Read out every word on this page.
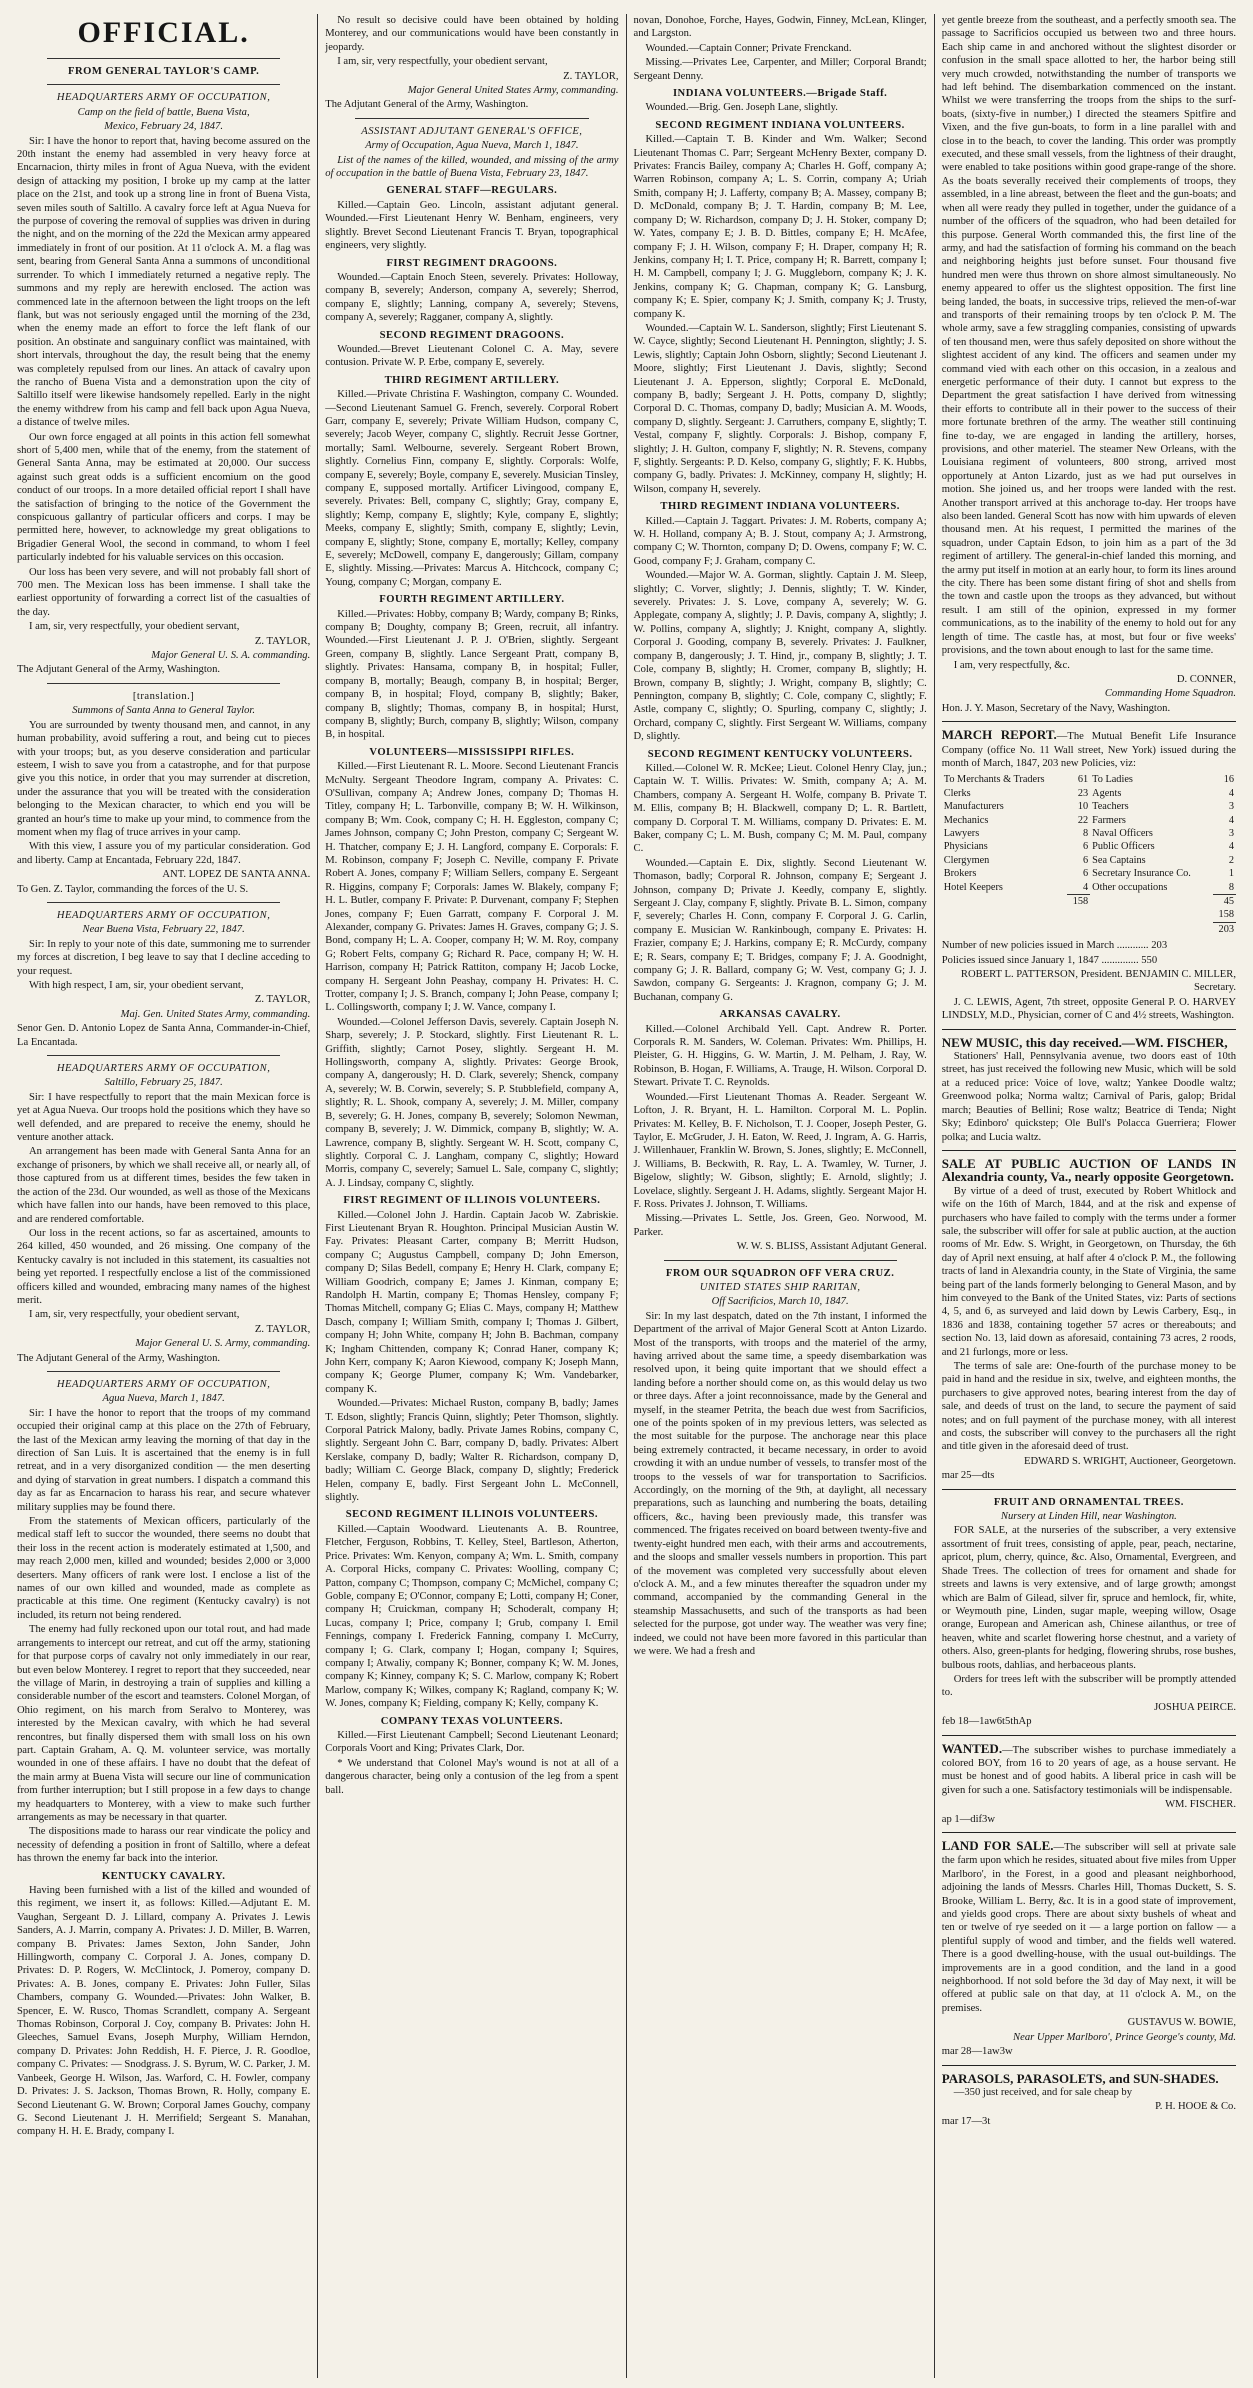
OFFICIAL.

FROM GENERAL TAYLOR'S CAMP.

HEADQUARTERS ARMY OF OCCUPATION,

Camp on the field of battle, Buena Vista,

Mexico, February 24, 1847.

Sir: I have the honor to report that, having become assured on the 20th instant the enemy had assembled in very heavy force at Encarnacion, thirty miles in front of Agua Nueva, with the evident design of attacking my position, I broke up my camp at the latter place on the 21st, and took up a strong line in front of Buena Vista, seven miles south of Saltillo. A cavalry force left at Agua Nueva for the purpose of covering the removal of supplies was driven in during the night, and on the morning of the 22d the Mexican army appeared immediately in front of our position. At 11 o'clock A. M. a flag was sent, bearing from General Santa Anna a summons of unconditional surrender. To which I immediately returned a negative reply. The summons and my reply are herewith enclosed. The action was commenced late in the afternoon between the light troops on the left flank, but was not seriously engaged until the morning of the 23d, when the enemy made an effort to force the left flank of our position. An obstinate and sanguinary conflict was maintained, with short intervals, throughout the day, the result being that the enemy was completely repulsed from our lines. An attack of cavalry upon the rancho of Buena Vista and a demonstration upon the city of Saltillo itself were likewise handsomely repelled. Early in the night the enemy withdrew from his camp and fell back upon Agua Nueva, a distance of twelve miles.

Our own force engaged at all points in this action fell somewhat short of 5,400 men, while that of the enemy, from the statement of General Santa Anna, may be estimated at 20,000. Our success against such great odds is a sufficient encomium on the good conduct of our troops. In a more detailed official report I shall have the satisfaction of bringing to the notice of the Government the conspicuous gallantry of particular officers and corps. I may be permitted here, however, to acknowledge my great obligations to Brigadier General Wool, the second in command, to whom I feel particularly indebted for his valuable services on this occasion.

Our loss has been very severe, and will not probably fall short of 700 men. The Mexican loss has been immense. I shall take the earliest opportunity of forwarding a correct list of the casualties of the day.

I am, sir, very respectfully, your obedient servant,

Z. TAYLOR,

Major General U. S. A. commanding.

The Adjutant General of the Army, Washington.

[translation.]

Summons of Santa Anna to General Taylor.

You are surrounded by twenty thousand men, and cannot, in any human probability, avoid suffering a rout, and being cut to pieces with your troops; but, as you deserve consideration and particular esteem, I wish to save you from a catastrophe, and for that purpose give you this notice, in order that you may surrender at discretion, under the assurance that you will be treated with the consideration belonging to the Mexican character, to which end you will be granted an hour's time to make up your mind, to commence from the moment when my flag of truce arrives in your camp.

With this view, I assure you of my particular consideration. God and liberty. Camp at Encantada, February 22d, 1847.

ANT. LOPEZ DE SANTA ANNA.

To Gen. Z. Taylor, commanding the forces of the U. S.

HEADQUARTERS ARMY OF OCCUPATION,

Near Buena Vista, February 22, 1847.

Sir: In reply to your note of this date, summoning me to surrender my forces at discretion, I beg leave to say that I decline acceding to your request.

With high respect, I am, sir, your obedient servant,

Z. TAYLOR,

Maj. Gen. United States Army, commanding.

Senor Gen. D. Antonio Lopez de Santa Anna, Commander-in-Chief, La Encantada.

HEADQUARTERS ARMY OF OCCUPATION,

Saltillo, February 25, 1847.

Sir: I have respectfully to report that the main Mexican force is yet at Agua Nueva. Our troops hold the positions which they have so well defended, and are prepared to receive the enemy, should he venture another attack.

An arrangement has been made with General Santa Anna for an exchange of prisoners, by which we shall receive all, or nearly all, of those captured from us at different times, besides the few taken in the action of the 23d. Our wounded, as well as those of the Mexicans which have fallen into our hands, have been removed to this place, and are rendered comfortable.

Our loss in the recent actions, so far as ascertained, amounts to 264 killed, 450 wounded, and 26 missing. One company of the Kentucky cavalry is not included in this statement, its casualties not being yet reported. I respectfully enclose a list of the commissioned officers killed and wounded, embracing many names of the highest merit.

I am, sir, very respectfully, your obedient servant,

Z. TAYLOR,

Major General U. S. Army, commanding.

The Adjutant General of the Army, Washington.

HEADQUARTERS ARMY OF OCCUPATION,

Agua Nueva, March 1, 1847.

Sir: I have the honor to report that the troops of my command occupied their original camp at this place on the 27th of February, the last of the Mexican army leaving the morning of that day in the direction of San Luis. It is ascertained that the enemy is in full retreat, and in a very disorganized condition — the men deserting and dying of starvation in great numbers. I dispatch a command this day as far as Encarnacion to harass his rear, and secure whatever military supplies may be found there.

From the statements of Mexican officers, particularly of the medical staff left to succor the wounded, there seems no doubt that their loss in the recent action is moderately estimated at 1,500, and may reach 2,000 men, killed and wounded; besides 2,000 or 3,000 deserters. Many officers of rank were lost. I enclose a list of the names of our own killed and wounded, made as complete as practicable at this time. One regiment (Kentucky cavalry) is not included, its return not being rendered.

The enemy had fully reckoned upon our total rout, and had made arrangements to intercept our retreat, and cut off the army, stationing for that purpose corps of cavalry not only immediately in our rear, but even below Monterey. I regret to report that they succeeded, near the village of Marin, in destroying a train of supplies and killing a considerable number of the escort and teamsters. Colonel Morgan, of Ohio regiment, on his march from Seralvo to Monterey, was interested by the Mexican cavalry, with which he had several rencontres, but finally dispersed them with small loss on his own part. Captain Graham, A. Q. M. volunteer service, was mortally wounded in one of these affairs. I have no doubt that the defeat of the main army at Buena Vista will secure our line of communication from further interruption; but I still propose in a few days to change my headquarters to Monterey, with a view to make such further arrangements as may be necessary in that quarter.

The dispositions made to harass our rear vindicate the policy and necessity of defending a position in front of Saltillo, where a defeat has thrown the enemy far back into the interior.

KENTUCKY CAVALRY.

Having been furnished with a list of the killed and wounded of this regiment, we insert it, as follows: Killed.—Adjutant E. M. Vaughan, Sergeant D. J. Lillard, company A. Privates J. Lewis Sanders, A. J. Marrin, company A. Privates: J. D. Miller, B. Warren, company B. Privates: James Sexton, John Sander, John Hillingworth, company C. Corporal J. A. Jones, company D. Privates: D. P. Rogers, W. McClintock, J. Pomeroy, company D. Privates: A. B. Jones, company E. Privates: John Fuller, Silas Chambers, company G. Wounded.—Privates: John Walker, B. Spencer, E. W. Rusco, Thomas Scrandlett, company A. Sergeant Thomas Robinson, Corporal J. Coy, company B. Privates: John H. Gleeches, Samuel Evans, Joseph Murphy, William Herndon, company D. Privates: John Reddish, H. F. Pierce, J. R. Goodloe, company C. Privates: — Snodgrass. J. S. Byrum, W. C. Parker, J. M. Vanbeek, George H. Wilson, Jas. Warford, C. H. Fowler, company D. Privates: J. S. Jackson, Thomas Brown, R. Holly, company E. Second Lieutenant G. W. Brown; Corporal James Gouchy, company G. Second Lieutenant J. H. Merrifield; Sergeant S. Manahan, company H. H. E. Brady, company I.

No result so decisive could have been obtained by holding Monterey, and our communications would have been constantly in jeopardy.

I am, sir, very respectfully, your obedient servant,

Z. TAYLOR,

Major General United States Army, commanding.

The Adjutant General of the Army, Washington.

ASSISTANT ADJUTANT GENERAL'S OFFICE,

Army of Occupation, Agua Nueva, March 1, 1847.

List of the names of the killed, wounded, and missing of the army of occupation in the battle of Buena Vista, February 23, 1847.

GENERAL STAFF—REGULARS.

Killed.—Captain Geo. Lincoln, assistant adjutant general. Wounded.—First Lieutenant Henry W. Benham, engineers, very slightly. Brevet Second Lieutenant Francis T. Bryan, topographical engineers, very slightly.

FIRST REGIMENT DRAGOONS.

Wounded.—Captain Enoch Steen, severely. Privates: Holloway, company B, severely; Anderson, company A, severely; Sherrod, company E, slightly; Lanning, company A, severely; Stevens, company A, severely; Ragganer, company A, slightly.

SECOND REGIMENT DRAGOONS.

Wounded.—Brevet Lieutenant Colonel C. A. May, severe contusion. Private W. P. Erbe, company E, severely.

THIRD REGIMENT ARTILLERY.

Killed.—Private Christina F. Washington, company C. Wounded.—Second Lieutenant Samuel G. French, severely. Corporal Robert Garr, company E, severely; Private William Hudson, company C, severely; Jacob Weyer, company C, slightly. Recruit Jesse Gortner, mortally; Saml. Welbourne, severely. Sergeant Robert Brown, slightly. Cornelius Finn, company E, slightly. Corporals: Wolfe, company E, severely; Boyle, company E, severely. Musician Tinsley, company E, supposed mortally. Artificer Livingood, company E, severely. Privates: Bell, company C, slightly; Gray, company E, slightly; Kemp, company E, slightly; Kyle, company E, slightly; Meeks, company E, slightly; Smith, company E, slightly; Levin, company E, slightly; Stone, company E, mortally; Kelley, company E, severely; McDowell, company E, dangerously; Gillam, company E, slightly. Missing.—Privates: Marcus A. Hitchcock, company C; Young, company C; Morgan, company E.

FOURTH REGIMENT ARTILLERY.

Killed.—Privates: Hobby, company B; Wardy, company B; Rinks, company B; Doughty, company B; Green, recruit, all infantry. Wounded.—First Lieutenant J. P. J. O'Brien, slightly. Sergeant Green, company B, slightly. Lance Sergeant Pratt, company B, slightly. Privates: Hansama, company B, in hospital; Fuller, company B, mortally; Beaugh, company B, in hospital; Berger, company B, in hospital; Floyd, company B, slightly; Baker, company B, slightly; Thomas, company B, in hospital; Hurst, company B, slightly; Burch, company B, slightly; Wilson, company B, in hospital.

VOLUNTEERS—MISSISSIPPI RIFLES.

Killed.—First Lieutenant R. L. Moore. Second Lieutenant Francis McNulty. Sergeant Theodore Ingram, company A. Privates: C. O'Sullivan, company A; Andrew Jones, company D; Thomas H. Titley, company H; L. Tarbonville, company B; W. H. Wilkinson, company B; Wm. Cook, company C; H. H. Eggleston, company C; James Johnson, company C; John Preston, company C; Sergeant W. H. Thatcher, company E; J. H. Langford, company E. Corporals: F. M. Robinson, company F; Joseph C. Neville, company F. Private Robert A. Jones, company F; William Sellers, company E. Sergeant R. Higgins, company F; Corporals: James W. Blakely, company F; H. L. Butler, company F. Private: P. Durvenant, company F; Stephen Jones, company F; Euen Garratt, company F. Corporal J. M. Alexander, company G. Privates: James H. Graves, company G; J. S. Bond, company H; L. A. Cooper, company H; W. M. Roy, company G; Robert Felts, company G; Richard R. Pace, company H; W. H. Harrison, company H; Patrick Rattiton, company H; Jacob Locke, company H. Sergeant John Peashay, company H. Privates: H. C. Trotter, company I; J. S. Branch, company I; John Pease, company I; L. Collingsworth, company I; J. W. Vance, company I.

Wounded.—Colonel Jefferson Davis, severely. Captain Joseph N. Sharp, severely; J. P. Stockard, slightly. First Lieutenant R. L. Griffith, slightly; Carnot Posey, slightly. Sergeant H. M. Hollingsworth, company A, slightly. Privates: George Brook, company A, dangerously; H. D. Clark, severely; Shenck, company A, severely; W. B. Corwin, severely; S. P. Stubblefield, company A, slightly; R. L. Shook, company A, severely; J. M. Miller, company B, severely; G. H. Jones, company B, severely; Solomon Newman, company B, severely; J. W. Dimmick, company B, slightly; W. A. Lawrence, company B, slightly. Sergeant W. H. Scott, company C, slightly. Corporal C. J. Langham, company C, slightly; Howard Morris, company C, severely; Samuel L. Sale, company C, slightly; A. J. Lindsay, company C, slightly.

FIRST REGIMENT OF ILLINOIS VOLUNTEERS.

Killed.—Colonel John J. Hardin. Captain Jacob W. Zabriskie. First Lieutenant Bryan R. Houghton. Principal Musician Austin W. Fay. Privates: Pleasant Carter, company B; Merritt Hudson, company C; Augustus Campbell, company D; John Emerson, company D; Silas Bedell, company E; Henry H. Clark, company E; William Goodrich, company E; James J. Kinman, company E; Randolph H. Martin, company E; Thomas Hensley, company F; Thomas Mitchell, company G; Elias C. Mays, company H; Matthew Dasch, company I; William Smith, company I; Thomas J. Gilbert, company H; John White, company H; John B. Bachman, company K; Ingham Chittenden, company K; Conrad Haner, company K; John Kerr, company K; Aaron Kiewood, company K; Joseph Mann, company K; George Plumer, company K; Wm. Vandebarker, company K.

Wounded.—Privates: Michael Ruston, company B, badly; James T. Edson, slightly; Francis Quinn, slightly; Peter Thomson, slightly. Corporal Patrick Malony, badly. Private James Robins, company C, slightly. Sergeant John C. Barr, company D, badly. Privates: Albert Kerslake, company D, badly; Walter R. Richardson, company D, badly; William C. George Black, company D, slightly; Frederick Helen, company E, badly. First Sergeant John L. McConnell, slightly.

SECOND REGIMENT ILLINOIS VOLUNTEERS.

Killed.—Captain Woodward. Lieutenants A. B. Rountree, Fletcher, Ferguson, Robbins, T. Kelley, Steel, Bartleson, Atherton, Price. Privates: Wm. Kenyon, company A; Wm. L. Smith, company A. Corporal Hicks, company C. Privates: Woolling, company C; Patton, company C; Thompson, company C; McMichel, company C; Goble, company E; O'Connor, company E; Lotti, company H; Coner, company H; Cruickman, company H; Schoderalt, company H; Lucas, company I; Price, company I; Grub, company I. Emil Fennings, company I. Frederick Fanning, company I. McCurry, company I; G. Clark, company I; Hogan, company I; Squires, company I; Atwaliy, company K; Bonner, company K; W. M. Jones, company K; Kinney, company K; S. C. Marlow, company K; Robert Marlow, company K; Wilkes, company K; Ragland, company K; W. W. Jones, company K; Fielding, company K; Kelly, company K.

COMPANY TEXAS VOLUNTEERS.

Killed.—First Lieutenant Campbell; Second Lieutenant Leonard; Corporals Voort and King; Privates Clark, Dor.

* We understand that Colonel May's wound is not at all of a dangerous character, being only a contusion of the leg from a spent ball.

novan, Donohoe, Forche, Hayes, Godwin, Finney, McLean, Klinger, and Largston.

Wounded.—Captain Conner; Private Frenckand.

Missing.—Privates Lee, Carpenter, and Miller; Corporal Brandt; Sergeant Denny.

INDIANA VOLUNTEERS.—Brigade Staff.

Wounded.—Brig. Gen. Joseph Lane, slightly.

SECOND REGIMENT INDIANA VOLUNTEERS.

Killed.—Captain T. B. Kinder and Wm. Walker; Second Lieutenant Thomas C. Parr; Sergeant McHenry Bexter, company D. Privates: Francis Bailey, company A; Charles H. Goff, company A; Warren Robinson, company A; L. S. Corrin, company A; Uriah Smith, company H; J. Lafferty, company B; A. Massey, company B; D. McDonald, company B; J. T. Hardin, company B; M. Lee, company D; W. Richardson, company D; J. H. Stoker, company D; W. Yates, company E; J. B. D. Bittles, company E; H. McAfee, company F; J. H. Wilson, company F; H. Draper, company H; R. Jenkins, company H; I. T. Price, company H; R. Barrett, company I; H. M. Campbell, company I; J. G. Muggleborn, company K; J. K. Jenkins, company K; G. Chapman, company K; G. Lansburg, company K; E. Spier, company K; J. Smith, company K; J. Trusty, company K.

Wounded.—Captain W. L. Sanderson, slightly; First Lieutenant S. W. Cayce, slightly; Second Lieutenant H. Pennington, slightly; J. S. Lewis, slightly; Captain John Osborn, slightly; Second Lieutenant J. Moore, slightly; First Lieutenant J. Davis, slightly; Second Lieutenant J. A. Epperson, slightly; Corporal E. McDonald, company B, badly; Sergeant J. H. Potts, company D, slightly; Corporal D. C. Thomas, company D, badly; Musician A. M. Woods, company D, slightly. Sergeant: J. Carruthers, company E, slightly; T. Vestal, company F, slightly. Corporals: J. Bishop, company F, slightly; J. H. Gulton, company F, slightly; N. R. Stevens, company F, slightly. Sergeants: P. D. Kelso, company G, slightly; F. K. Hubbs, company G, badly. Privates: J. McKinney, company H, slightly; H. Wilson, company H, severely.

THIRD REGIMENT INDIANA VOLUNTEERS.

Killed.—Captain J. Taggart. Privates: J. M. Roberts, company A; W. H. Holland, company A; B. J. Stout, company A; J. Armstrong, company C; W. Thornton, company D; D. Owens, company F; W. C. Good, company F; J. Graham, company C.

Wounded.—Major W. A. Gorman, slightly. Captain J. M. Sleep, slightly; C. Vorver, slightly; J. Dennis, slightly; T. W. Kinder, severely. Privates: J. S. Love, company A, severely; W. G. Applegate, company A, slightly; J. P. Davis, company A, slightly; J. W. Pollins, company A, slightly; J. Knight, company A, slightly. Corporal J. Gooding, company B, severely. Privates: J. Faulkner, company B, dangerously; J. T. Hind, jr., company B, slightly; J. T. Cole, company B, slightly; H. Cromer, company B, slightly; H. Brown, company B, slightly; J. Wright, company B, slightly; C. Pennington, company B, slightly; C. Cole, company C, slightly; F. Astle, company C, slightly; O. Spurling, company C, slightly; J. Orchard, company C, slightly. First Sergeant W. Williams, company D, slightly.

SECOND REGIMENT KENTUCKY VOLUNTEERS.

Killed.—Colonel W. R. McKee; Lieut. Colonel Henry Clay, jun.; Captain W. T. Willis. Privates: W. Smith, company A; A. M. Chambers, company A. Sergeant H. Wolfe, company B. Private T. M. Ellis, company B; H. Blackwell, company D; L. R. Bartlett, company D. Corporal T. M. Williams, company D. Privates: E. M. Baker, company C; L. M. Bush, company C; M. M. Paul, company C.

Wounded.—Captain E. Dix, slightly. Second Lieutenant W. Thomason, badly; Corporal R. Johnson, company E; Sergeant J. Johnson, company D; Private J. Keedly, company E, slightly. Sergeant J. Clay, company F, slightly. Private B. L. Simon, company F, severely; Charles H. Conn, company F. Corporal J. G. Carlin, company E. Musician W. Rankinbough, company E. Privates: H. Frazier, company E; J. Harkins, company E; R. McCurdy, company E; R. Sears, company E; T. Bridges, company F; J. A. Goodnight, company G; J. R. Ballard, company G; W. Vest, company G; J. J. Sawdon, company G. Sergeants: J. Kragnon, company G; J. M. Buchanan, company G.

ARKANSAS CAVALRY.

Killed.—Colonel Archibald Yell. Capt. Andrew R. Porter. Corporals R. M. Sanders, W. Coleman. Privates: Wm. Phillips, H. Pleister, G. H. Higgins, G. W. Martin, J. M. Pelham, J. Ray, W. Robinson, B. Hogan, F. Williams, A. Trauge, H. Wilson. Corporal D. Stewart. Private T. C. Reynolds.

Wounded.—First Lieutenant Thomas A. Reader. Sergeant W. Lofton, J. R. Bryant, H. L. Hamilton. Corporal M. L. Poplin. Privates: M. Kelley, B. F. Nicholson, T. J. Cooper, Joseph Pester, G. Taylor, E. McGruder, J. H. Eaton, W. Reed, J. Ingram, A. G. Harris, J. Willenhauer, Franklin W. Brown, S. Jones, slightly; E. McConnell, J. Williams, B. Beckwith, R. Ray, L. A. Twamley, W. Turner, J. Bigelow, slightly; W. Gibson, slightly; E. Arnold, slightly; J. Lovelace, slightly. Sergeant J. H. Adams, slightly. Sergeant Major H. F. Ross. Privates J. Johnson, T. Williams.

Missing.—Privates L. Settle, Jos. Green, Geo. Norwood, M. Parker.

W. W. S. BLISS, Assistant Adjutant General.

FROM OUR SQUADRON OFF VERA CRUZ.

UNITED STATES SHIP RARITAN,

Off Sacrificios, March 10, 1847.

Sir: In my last despatch, dated on the 7th instant, I informed the Department of the arrival of Major General Scott at Anton Lizardo. Most of the transports, with troops and the materiel of the army, having arrived about the same time, a speedy disembarkation was resolved upon, it being quite important that we should effect a landing before a norther should come on, as this would delay us two or three days. After a joint reconnoissance, made by the General and myself, in the steamer Petrita, the beach due west from Sacrificios, one of the points spoken of in my previous letters, was selected as the most suitable for the purpose. The anchorage near this place being extremely contracted, it became necessary, in order to avoid crowding it with an undue number of vessels, to transfer most of the troops to the vessels of war for transportation to Sacrificios. Accordingly, on the morning of the 9th, at daylight, all necessary preparations, such as launching and numbering the boats, detailing officers, &c., having been previously made, this transfer was commenced. The frigates received on board between twenty-five and twenty-eight hundred men each, with their arms and accoutrements, and the sloops and smaller vessels numbers in proportion. This part of the movement was completed very successfully about eleven o'clock A. M., and a few minutes thereafter the squadron under my command, accompanied by the commanding General in the steamship Massachusetts, and such of the transports as had been selected for the purpose, got under way. The weather was very fine; indeed, we could not have been more favored in this particular than we were. We had a fresh and

yet gentle breeze from the southeast, and a perfectly smooth sea. The passage to Sacrificios occupied us between two and three hours. Each ship came in and anchored without the slightest disorder or confusion in the small space allotted to her, the harbor being still very much crowded, notwithstanding the number of transports we had left behind. The disembarkation commenced on the instant. Whilst we were transferring the troops from the ships to the surf-boats, (sixty-five in number,) I directed the steamers Spitfire and Vixen, and the five gun-boats, to form in a line parallel with and close in to the beach, to cover the landing. This order was promptly executed, and these small vessels, from the lightness of their draught, were enabled to take positions within good grape-range of the shore. As the boats severally received their complements of troops, they assembled, in a line abreast, between the fleet and the gun-boats; and when all were ready they pulled in together, under the guidance of a number of the officers of the squadron, who had been detailed for this purpose. General Worth commanded this, the first line of the army, and had the satisfaction of forming his command on the beach and neighboring heights just before sunset. Four thousand five hundred men were thus thrown on shore almost simultaneously. No enemy appeared to offer us the slightest opposition. The first line being landed, the boats, in successive trips, relieved the men-of-war and transports of their remaining troops by ten o'clock P. M. The whole army, save a few straggling companies, consisting of upwards of ten thousand men, were thus safely deposited on shore without the slightest accident of any kind. The officers and seamen under my command vied with each other on this occasion, in a zealous and energetic performance of their duty. I cannot but express to the Department the great satisfaction I have derived from witnessing their efforts to contribute all in their power to the success of their more fortunate brethren of the army. The weather still continuing fine to-day, we are engaged in landing the artillery, horses, provisions, and other materiel. The steamer New Orleans, with the Louisiana regiment of volunteers, 800 strong, arrived most opportunely at Anton Lizardo, just as we had put ourselves in motion. She joined us, and her troops were landed with the rest. Another transport arrived at this anchorage to-day. Her troops have also been landed. General Scott has now with him upwards of eleven thousand men. At his request, I permitted the marines of the squadron, under Captain Edson, to join him as a part of the 3d regiment of artillery. The general-in-chief landed this morning, and the army put itself in motion at an early hour, to form its lines around the city. There has been some distant firing of shot and shells from the town and castle upon the troops as they advanced, but without result. I am still of the opinion, expressed in my former communications, as to the inability of the enemy to hold out for any length of time. The castle has, at most, but four or five weeks' provisions, and the town about enough to last for the same time.

I am, very respectfully, &c.

D. CONNER,

Commanding Home Squadron.

Hon. J. Y. Mason, Secretary of the Navy, Washington.

MARCH REPORT.—The Mutual Benefit Life Insurance Company (office No. 11 Wall street, New York) issued during the month of March, 1847, 203 new Policies, viz:

To Merchants & Traders	61	To Ladies	16
Clerks	23	Agents	4
Manufacturers	10	Teachers	3
Mechanics	22	Farmers	4
Lawyers	8	Naval Officers	3
Physicians	6	Public Officers	4
Clergymen	6	Sea Captains	2
Brokers	6	Secretary Insurance Co.	1
Hotel Keepers	4	Other occupations	8
	158		45
			158
			203

Number of new policies issued in March ............ 203

Policies issued since January 1, 1847 .............. 550

ROBERT L. PATTERSON, President. BENJAMIN C. MILLER, Secretary.

J. C. LEWIS, Agent, 7th street, opposite General P. O. HARVEY LINDSLY, M.D., Physician, corner of C and 4½ streets, Washington.

NEW MUSIC, this day received.—WM. FISCHER,

Stationers' Hall, Pennsylvania avenue, two doors east of 10th street, has just received the following new Music, which will be sold at a reduced price: Voice of love, waltz; Yankee Doodle waltz; Greenwood polka; Norma waltz; Carnival of Paris, galop; Bridal march; Beauties of Bellini; Rose waltz; Beatrice di Tenda; Night Sky; Edinboro' quickstep; Ole Bull's Polacca Guerriera; Flower polka; and Lucia waltz.

SALE AT PUBLIC AUCTION OF LANDS IN Alexandria county, Va., nearly opposite Georgetown.

By virtue of a deed of trust, executed by Robert Whitlock and wife on the 16th of March, 1844, and at the risk and expense of purchasers who have failed to comply with the terms under a former sale, the subscriber will offer for sale at public auction, at the auction rooms of Mr. Edw. S. Wright, in Georgetown, on Thursday, the 6th day of April next ensuing, at half after 4 o'clock P. M., the following tracts of land in Alexandria county, in the State of Virginia, the same being part of the lands formerly belonging to General Mason, and by him conveyed to the Bank of the United States, viz: Parts of sections 4, 5, and 6, as surveyed and laid down by Lewis Carbery, Esq., in 1836 and 1838, containing together 57 acres or thereabouts; and section No. 13, laid down as aforesaid, containing 73 acres, 2 roods, and 21 furlongs, more or less.

The terms of sale are: One-fourth of the purchase money to be paid in hand and the residue in six, twelve, and eighteen months, the purchasers to give approved notes, bearing interest from the day of sale, and deeds of trust on the land, to secure the payment of said notes; and on full payment of the purchase money, with all interest and costs, the subscriber will convey to the purchasers all the right and title given in the aforesaid deed of trust.

EDWARD S. WRIGHT, Auctioneer, Georgetown.

mar 25—dts

FRUIT AND ORNAMENTAL TREES.

Nursery at Linden Hill, near Washington.

FOR SALE, at the nurseries of the subscriber, a very extensive assortment of fruit trees, consisting of apple, pear, peach, nectarine, apricot, plum, cherry, quince, &c. Also, Ornamental, Evergreen, and Shade Trees. The collection of trees for ornament and shade for streets and lawns is very extensive, and of large growth; amongst which are Balm of Gilead, silver fir, spruce and hemlock, fir, white, or Weymouth pine, Linden, sugar maple, weeping willow, Osage orange, European and American ash, Chinese ailanthus, or tree of heaven, white and scarlet flowering horse chestnut, and a variety of others. Also, green-plants for hedging, flowering shrubs, rose bushes, bulbous roots, dahlias, and herbaceous plants.

Orders for trees left with the subscriber will be promptly attended to.

JOSHUA PEIRCE.

feb 18—1aw6t5thAp

WANTED.—The subscriber wishes to purchase immediately a colored BOY, from 16 to 20 years of age, as a house servant. He must be honest and of good habits. A liberal price in cash will be given for such a one. Satisfactory testimonials will be indispensable.

WM. FISCHER.

ap 1—dif3w

LAND FOR SALE.—The subscriber will sell at private sale the farm upon which he resides, situated about five miles from Upper Marlboro', in the Forest, in a good and pleasant neighborhood, adjoining the lands of Messrs. Charles Hill, Thomas Duckett, S. S. Brooke, William L. Berry, &c. It is in a good state of improvement, and yields good crops. There are about sixty bushels of wheat and ten or twelve of rye seeded on it — a large portion on fallow — a plentiful supply of wood and timber, and the fields well watered. There is a good dwelling-house, with the usual out-buildings. The improvements are in a good condition, and the land in a good neighborhood. If not sold before the 3d day of May next, it will be offered at public sale on that day, at 11 o'clock A. M., on the premises.

GUSTAVUS W. BOWIE,

Near Upper Marlboro', Prince George's county, Md.

mar 28—1aw3w

PARASOLS, PARASOLETS, and SUN-SHADES.

—350 just received, and for sale cheap by

P. H. HOOE & Co.

mar 17—3t
